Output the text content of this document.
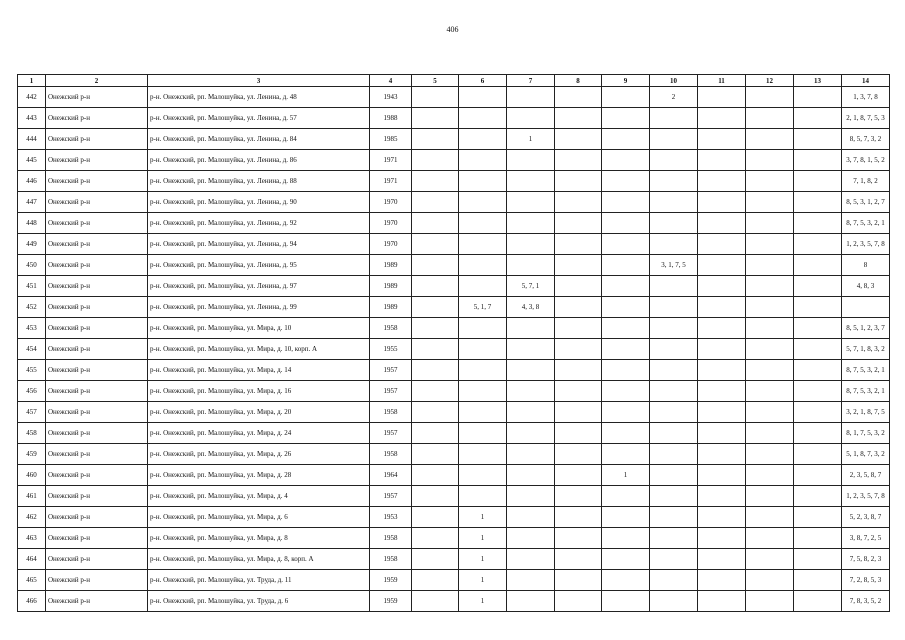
406
1	2	3	4	5	6	7	8	9	10	11	12	13	14
442	Онежский р-н	р-н. Онежский, рп. Малошуйка, ул. Ленина, д. 48	1943						2				1, 3, 7, 8
443	Онежский р-н	р-н. Онежский, рп. Малошуйка, ул. Ленина, д. 57	1988										2, 1, 8, 7, 5, 3
444	Онежский р-н	р-н. Онежский, рп. Малошуйка, ул. Ленина, д. 84	1985			1							8, 5, 7, 3, 2
445	Онежский р-н	р-н. Онежский, рп. Малошуйка, ул. Ленина, д. 86	1971										3, 7, 8, 1, 5, 2
446	Онежский р-н	р-н. Онежский, рп. Малошуйка, ул. Ленина, д. 88	1971										7, 1, 8, 2
447	Онежский р-н	р-н. Онежский, рп. Малошуйка, ул. Ленина, д. 90	1970										8, 5, 3, 1, 2, 7
448	Онежский р-н	р-н. Онежский, рп. Малошуйка, ул. Ленина, д. 92	1970										8, 7, 5, 3, 2, 1
449	Онежский р-н	р-н. Онежский, рп. Малошуйка, ул. Ленина, д. 94	1970										1, 2, 3, 5, 7, 8
450	Онежский р-н	р-н. Онежский, рп. Малошуйка, ул. Ленина, д. 95	1989						3, 1, 7, 5				8
451	Онежский р-н	р-н. Онежский, рп. Малошуйка, ул. Ленина, д. 97	1989			5, 7, 1							4, 8, 3
452	Онежский р-н	р-н. Онежский, рп. Малошуйка, ул. Ленина, д. 99	1989		5, 1, 7	4, 3, 8							
453	Онежский р-н	р-н. Онежский, рп. Малошуйка, ул. Мира, д. 10	1958										8, 5, 1, 2, 3, 7
454	Онежский р-н	р-н. Онежский, рп. Малошуйка, ул. Мира, д. 10, корп. А	1955										5, 7, 1, 8, 3, 2
455	Онежский р-н	р-н. Онежский, рп. Малошуйка, ул. Мира, д. 14	1957										8, 7, 5, 3, 2, 1
456	Онежский р-н	р-н. Онежский, рп. Малошуйка, ул. Мира, д. 16	1957										8, 7, 5, 3, 2, 1
457	Онежский р-н	р-н. Онежский, рп. Малошуйка, ул. Мира, д. 20	1958										3, 2, 1, 8, 7, 5
458	Онежский р-н	р-н. Онежский, рп. Малошуйка, ул. Мира, д. 24	1957										8, 1, 7, 5, 3, 2
459	Онежский р-н	р-н. Онежский, рп. Малошуйка, ул. Мира, д. 26	1958										5, 1, 8, 7, 3, 2
460	Онежский р-н	р-н. Онежский, рп. Малошуйка, ул. Мира, д. 28	1964					1					2, 3, 5, 8, 7
461	Онежский р-н	р-н. Онежский, рп. Малошуйка, ул. Мира, д. 4	1957										1, 2, 3, 5, 7, 8
462	Онежский р-н	р-н. Онежский, рп. Малошуйка, ул. Мира, д. 6	1953		1								5, 2, 3, 8, 7
463	Онежский р-н	р-н. Онежский, рп. Малошуйка, ул. Мира, д. 8	1958		1								3, 8, 7, 2, 5
464	Онежский р-н	р-н. Онежский, рп. Малошуйка, ул. Мира, д. 8, корп. А	1958		1								7, 5, 8, 2, 3
465	Онежский р-н	р-н. Онежский, рп. Малошуйка, ул. Труда, д. 11	1959		1								7, 2, 8, 5, 3
466	Онежский р-н	р-н. Онежский, рп. Малошуйка, ул. Труда, д. 6	1959		1								7, 8, 3, 5, 2
